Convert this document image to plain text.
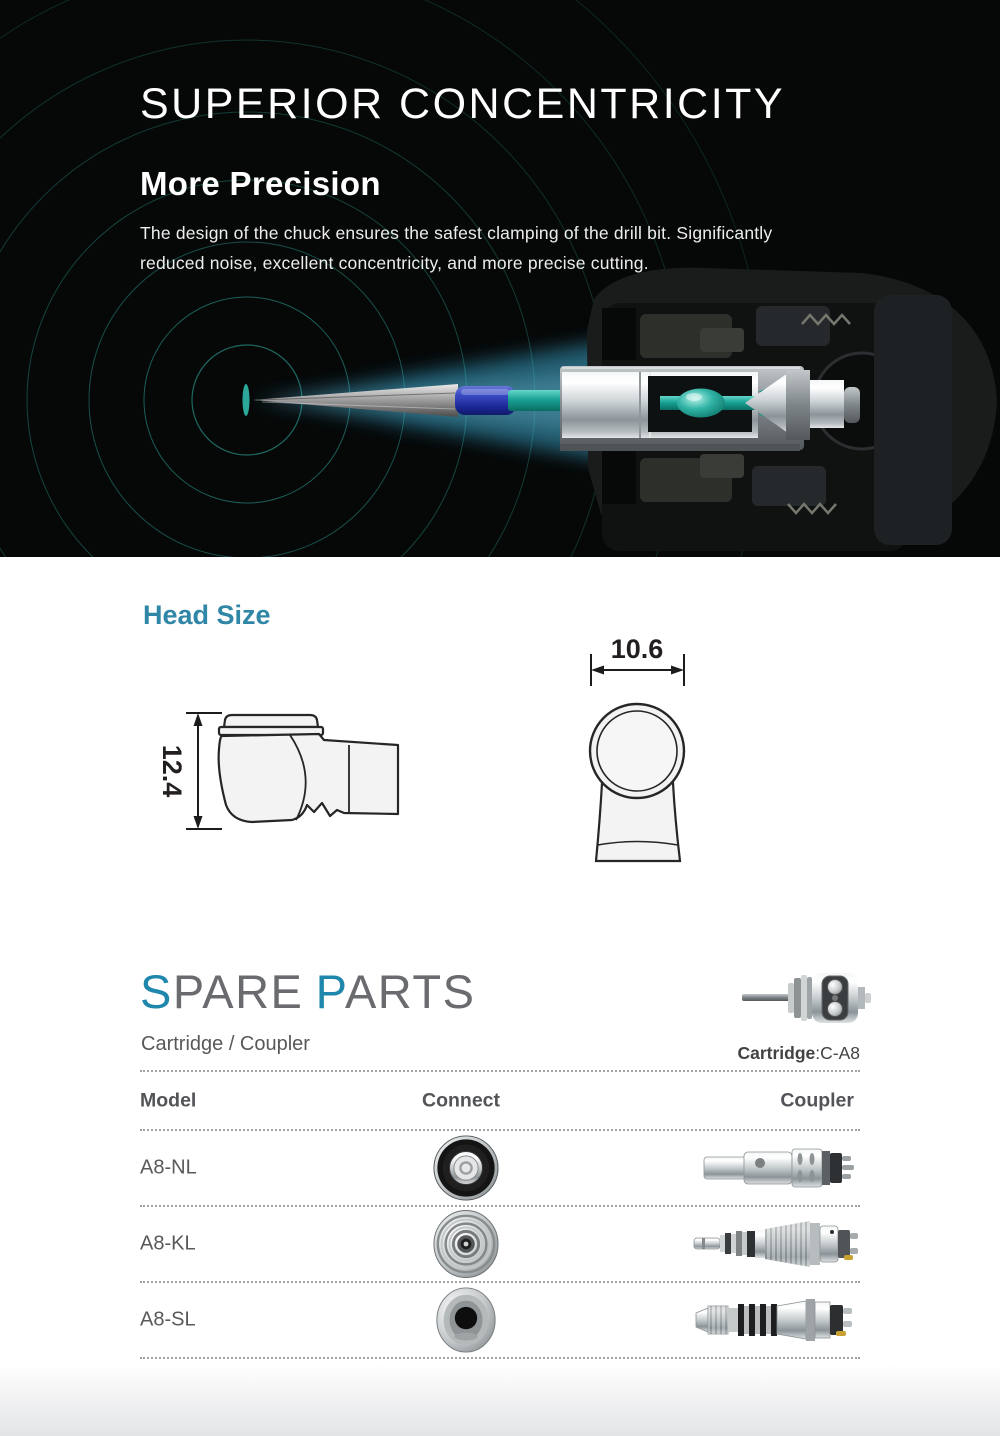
SUPERIOR CONCENTRICITY
More Precision

The design of the chuck ensures the safest clamping of the drill bit. Significantly reduced noise, excellent concentricity, and more precise cutting.

Head Size
12.4
10.6
SPARE PARTS
Cartridge / Coupler	Cartridge:C-A8
Model	Connect	Coupler
A8-NL
A8-KL
A8-SL
